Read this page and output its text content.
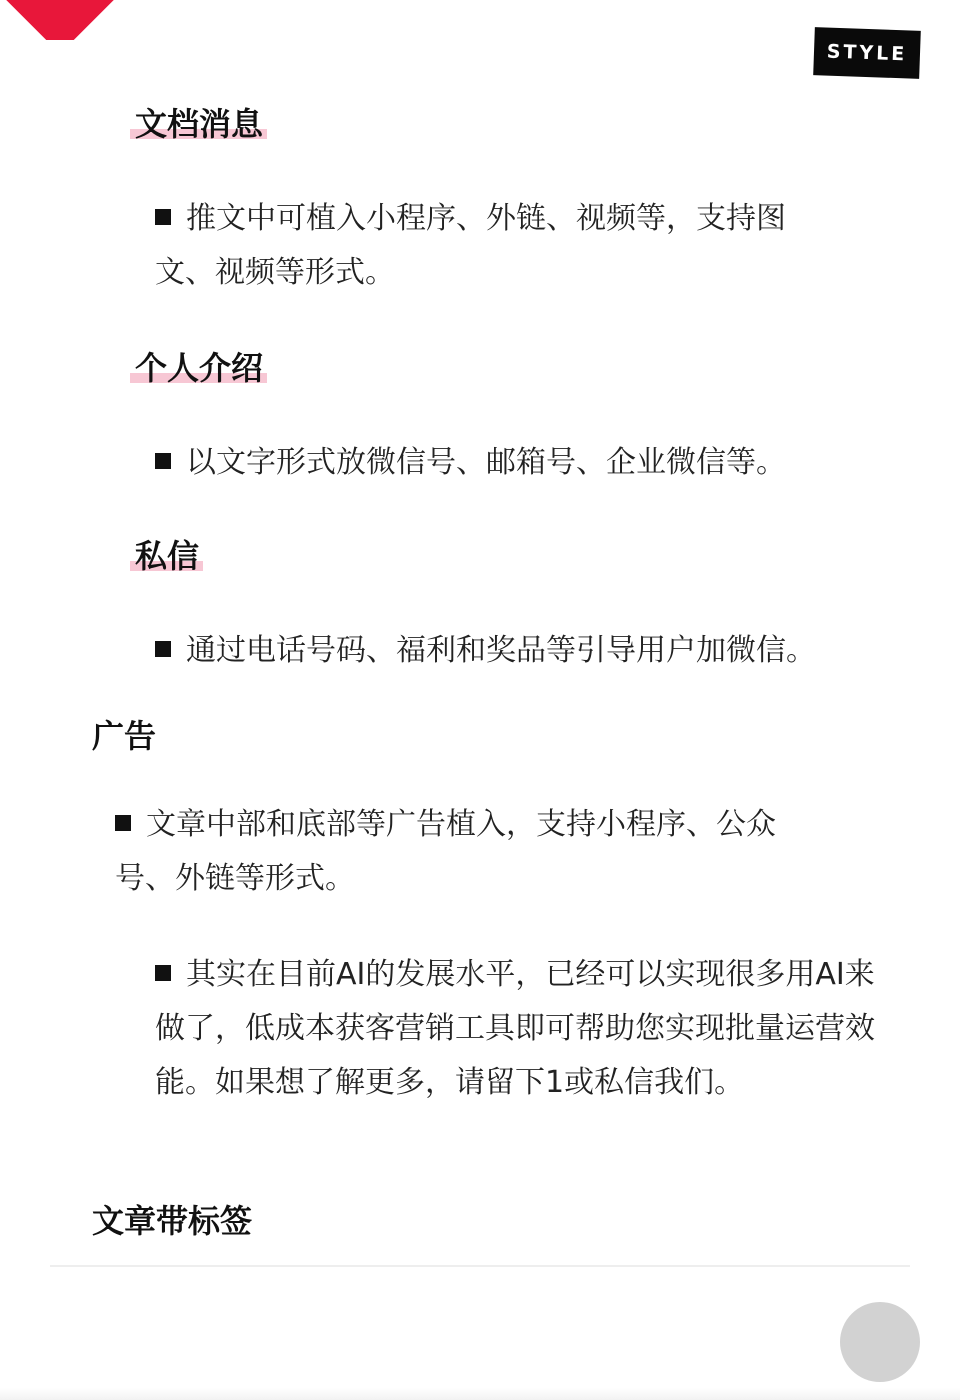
STYLE
文档消息
推文中可植入小程序、外链、视频等，支持图文、视频等形式。
个人介绍
以文字形式放微信号、邮箱号、企业微信等。
私信
通过电话号码、福利和奖品等引导用户加微信。
广告
文章中部和底部等广告植入，支持小程序、公众号、外链等形式。
其实在目前AI的发展水平，已经可以实现很多用AI来做了，低成本获客营销工具即可帮助您实现批量运营效能。如果想了解更多，请留下1或私信我们。
文章带标签
